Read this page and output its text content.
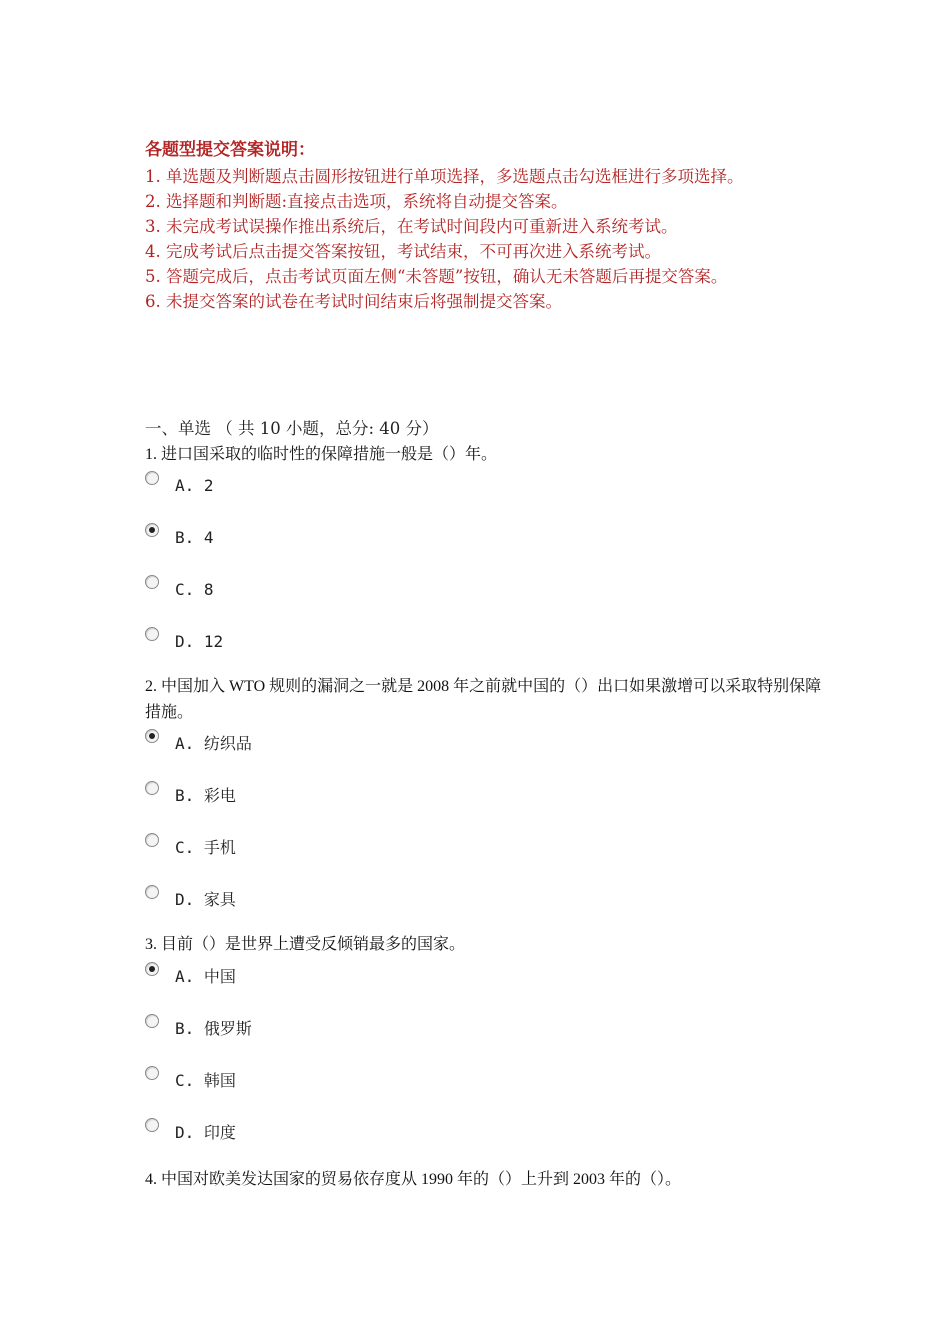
各题型提交答案说明：
1. 单选题及判断题点击圆形按钮进行单项选择，多选题点击勾选框进行多项选择。
2. 选择题和判断题:直接点击选项，系统将自动提交答案。
3. 未完成考试误操作推出系统后，在考试时间段内可重新进入系统考试。
4. 完成考试后点击提交答案按钮，考试结束，不可再次进入系统考试。
5. 答题完成后，点击考试页面左侧“未答题”按钮，确认无未答题后再提交答案。
6. 未提交答案的试卷在考试时间结束后将强制提交答案。
一、单选 （ 共 10 小题，总分: 40 分）
1. 进口国采取的临时性的保障措施一般是（）年。
A. 2
B. 4
C. 8
D. 12
2. 中国加入 WTO 规则的漏洞之一就是 2008 年之前就中国的（）出口如果激增可以采取特别保障措施。
A. 纺织品
B. 彩电
C. 手机
D. 家具
3. 目前（）是世界上遭受反倾销最多的国家。
A. 中国
B. 俄罗斯
C. 韩国
D. 印度
4. 中国对欧美发达国家的贸易依存度从 1990 年的（）上升到 2003 年的（）。
